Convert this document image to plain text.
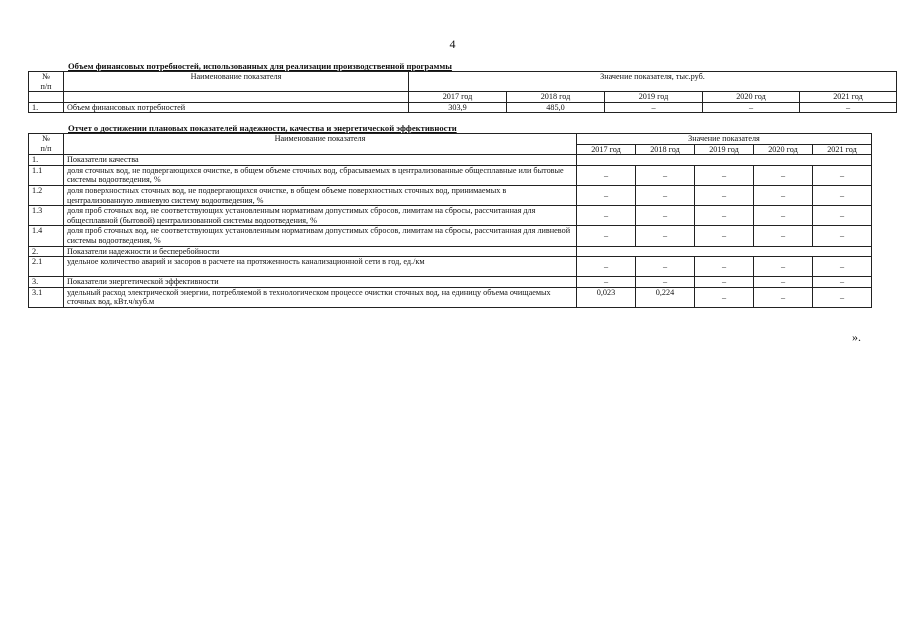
4
Объем финансовых потребностей, использованных для реализации производственной программы
№
п/п	Наименование показателя	Значение показателя, тыс.руб.				
		2017 год	2018 год	2019 год	2020 год	2021 год
1.	Объем финансовых потребностей	303,9	485,0	–	–	–
Отчет о достижении плановых показателей надежности, качества и энергетической эффективности
№
п/п	Наименование показателя	Значение показателя				
		2017 год	2018 год	2019 год	2020 год	2021 год
1.	Показатели качества					
1.1	доля сточных вод, не подвергающихся очистке, в общем объеме сточных вод, сбрасываемых в централизованные общесплавные или бытовые системы водоотведения, %	–	–	–	–	–
1.2	доля поверхностных сточных вод, не подвергающихся очистке, в общем объеме поверхностных сточных вод, принимаемых в централизованную ливневую систему водоотведения, %	–	–	–	–	–
1.3	доля проб сточных вод, не соответствующих установленным нормативам допустимых сбросов, лимитам на сбросы, рассчитанная для общесплавной (бытовой) централизованной системы водоотведения, %	–	–	–	–	–
1.4	доля проб сточных вод, не соответствующих установленным нормативам допустимых сбросов, лимитам на сбросы, рассчитанная для ливневой системы водоотведения, %	–	–	–	–	–
2.	Показатели надежности и бесперебойности					
2.1	удельное количество аварий и засоров в расчете на протяженность канализационной сети в год, ед./км	–	–	–	–	–
3.	Показатели энергетической эффективности	–	–	–	–	–
3.1	удельный расход электрической энергии, потребляемой в технологическом процессе очистки сточных вод, на единицу объема очищаемых сточных вод, кВт.ч/куб.м	0,023	0,224	–	–	–
».
